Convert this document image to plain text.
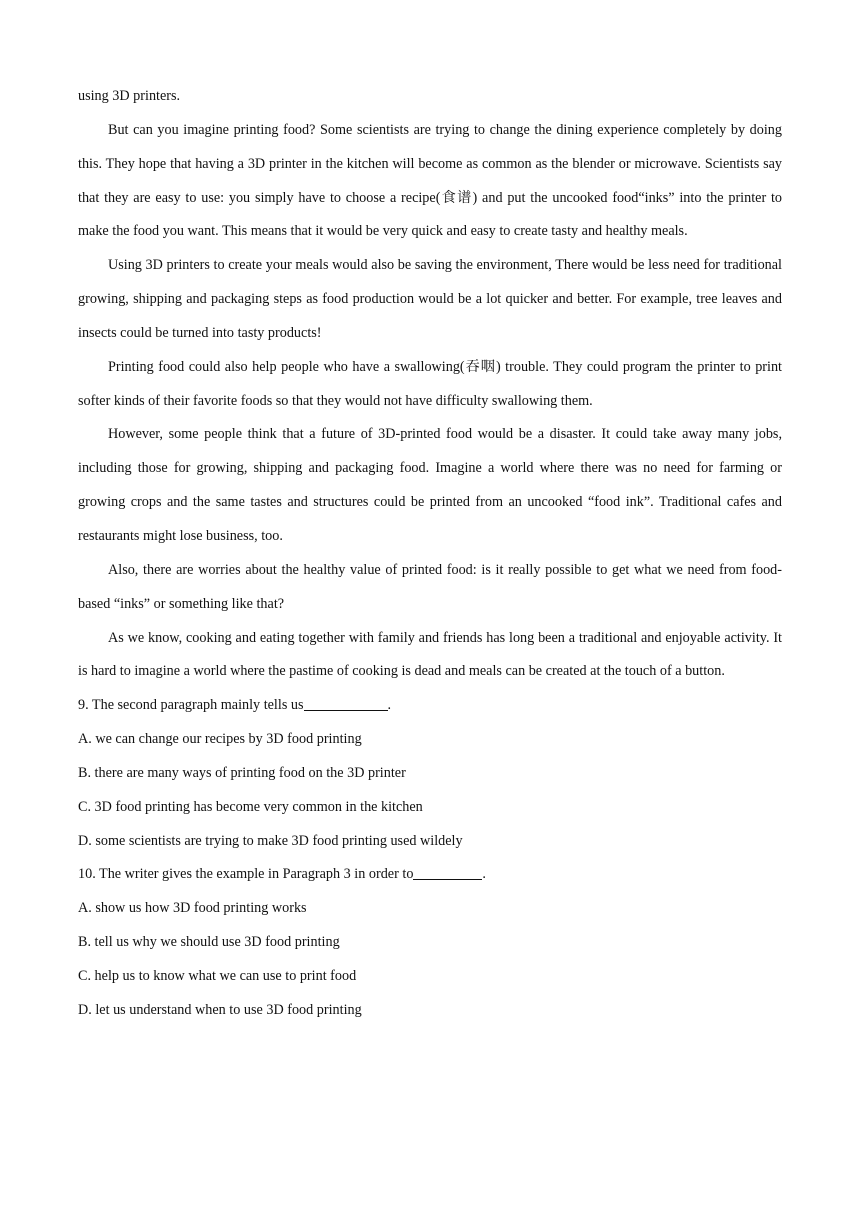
using 3D printers.

But can you imagine printing food? Some scientists are trying to change the dining experience completely by doing this. They hope that having a 3D printer in the kitchen will become as common as the blender or microwave. Scientists say that they are easy to use: you simply have to choose a recipe(食谱) and put the uncooked food“inks” into the printer to make the food you want. This means that it would be very quick and easy to create tasty and healthy meals.

Using 3D printers to create your meals would also be saving the environment, There would be less need for traditional growing, shipping and packaging steps as food production would be a lot quicker and better. For example, tree leaves and insects could be turned into tasty products!

Printing food could also help people who have a swallowing(吞咽) trouble. They could program the printer to print softer kinds of their favorite foods so that they would not have difficulty swallowing them.

However, some people think that a future of 3D-printed food would be a disaster. It could take away many jobs, including those for growing, shipping and packaging food. Imagine a world where there was no need for farming or growing crops and the same tastes and structures could be printed from an uncooked “food ink”. Traditional cafes and restaurants might lose business, too.

Also, there are worries about the healthy value of printed food: is it really possible to get what we need from food-based “inks” or something like that?

As we know, cooking and eating together with family and friends has long been a traditional and enjoyable activity. It is hard to imagine a world where the pastime of cooking is dead and meals can be created at the touch of a button.

9. The second paragraph mainly tells us	.

A. we can change our recipes by 3D food printing

B. there are many ways of printing food on the 3D printer

C. 3D food printing has become very common in the kitchen

D. some scientists are trying to make 3D food printing used wildely

10. The writer gives the example in Paragraph 3 in order to	.

A. show us how 3D food printing works

B. tell us why we should use 3D food printing

C. help us to know what we can use to print food

D. let us understand when to use 3D food printing
